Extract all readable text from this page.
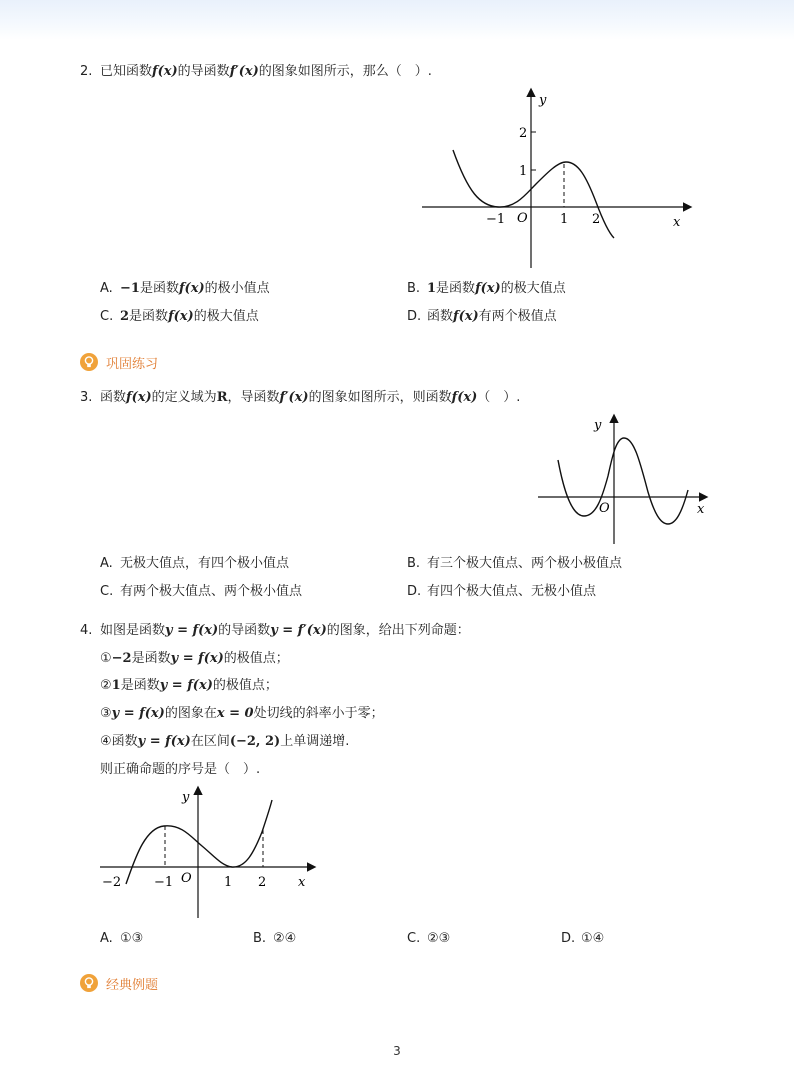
2. 已知函数f(x)的导函数f′(x)的图象如图所示，那么（　）.
y
x
O
2
1
−1	1 2
A. −1是函数f(x)的极小值点	B. 1是函数f(x)的极大值点
C. 2是函数f(x)的极大值点	D. 函数f(x)有两个极值点
巩固练习
3. 函数f(x)的定义域为R，导函数f′(x)的图象如图所示，则函数f(x)（　）.
y
x
O
A. 无极大值点，有四个极小值点	B. 有三个极大值点、两个极小极值点
C. 有两个极大值点、两个极小值点	D. 有四个极大值点、无极小值点
4. 如图是函数y = f(x)的导函数y = f′(x)的图象，给出下列命题：
①−2是函数y = f(x)的极值点；
②1是函数y = f(x)的极值点；
③y = f(x)的图象在x = 0处切线的斜率小于零；
④函数y = f(x)在区间(−2, 2)上单调递增.
则正确命题的序号是（　）.
y
x
O
−2	−1	1 2
A. ①③	B. ②④	C. ②③	D. ①④
经典例题
3
